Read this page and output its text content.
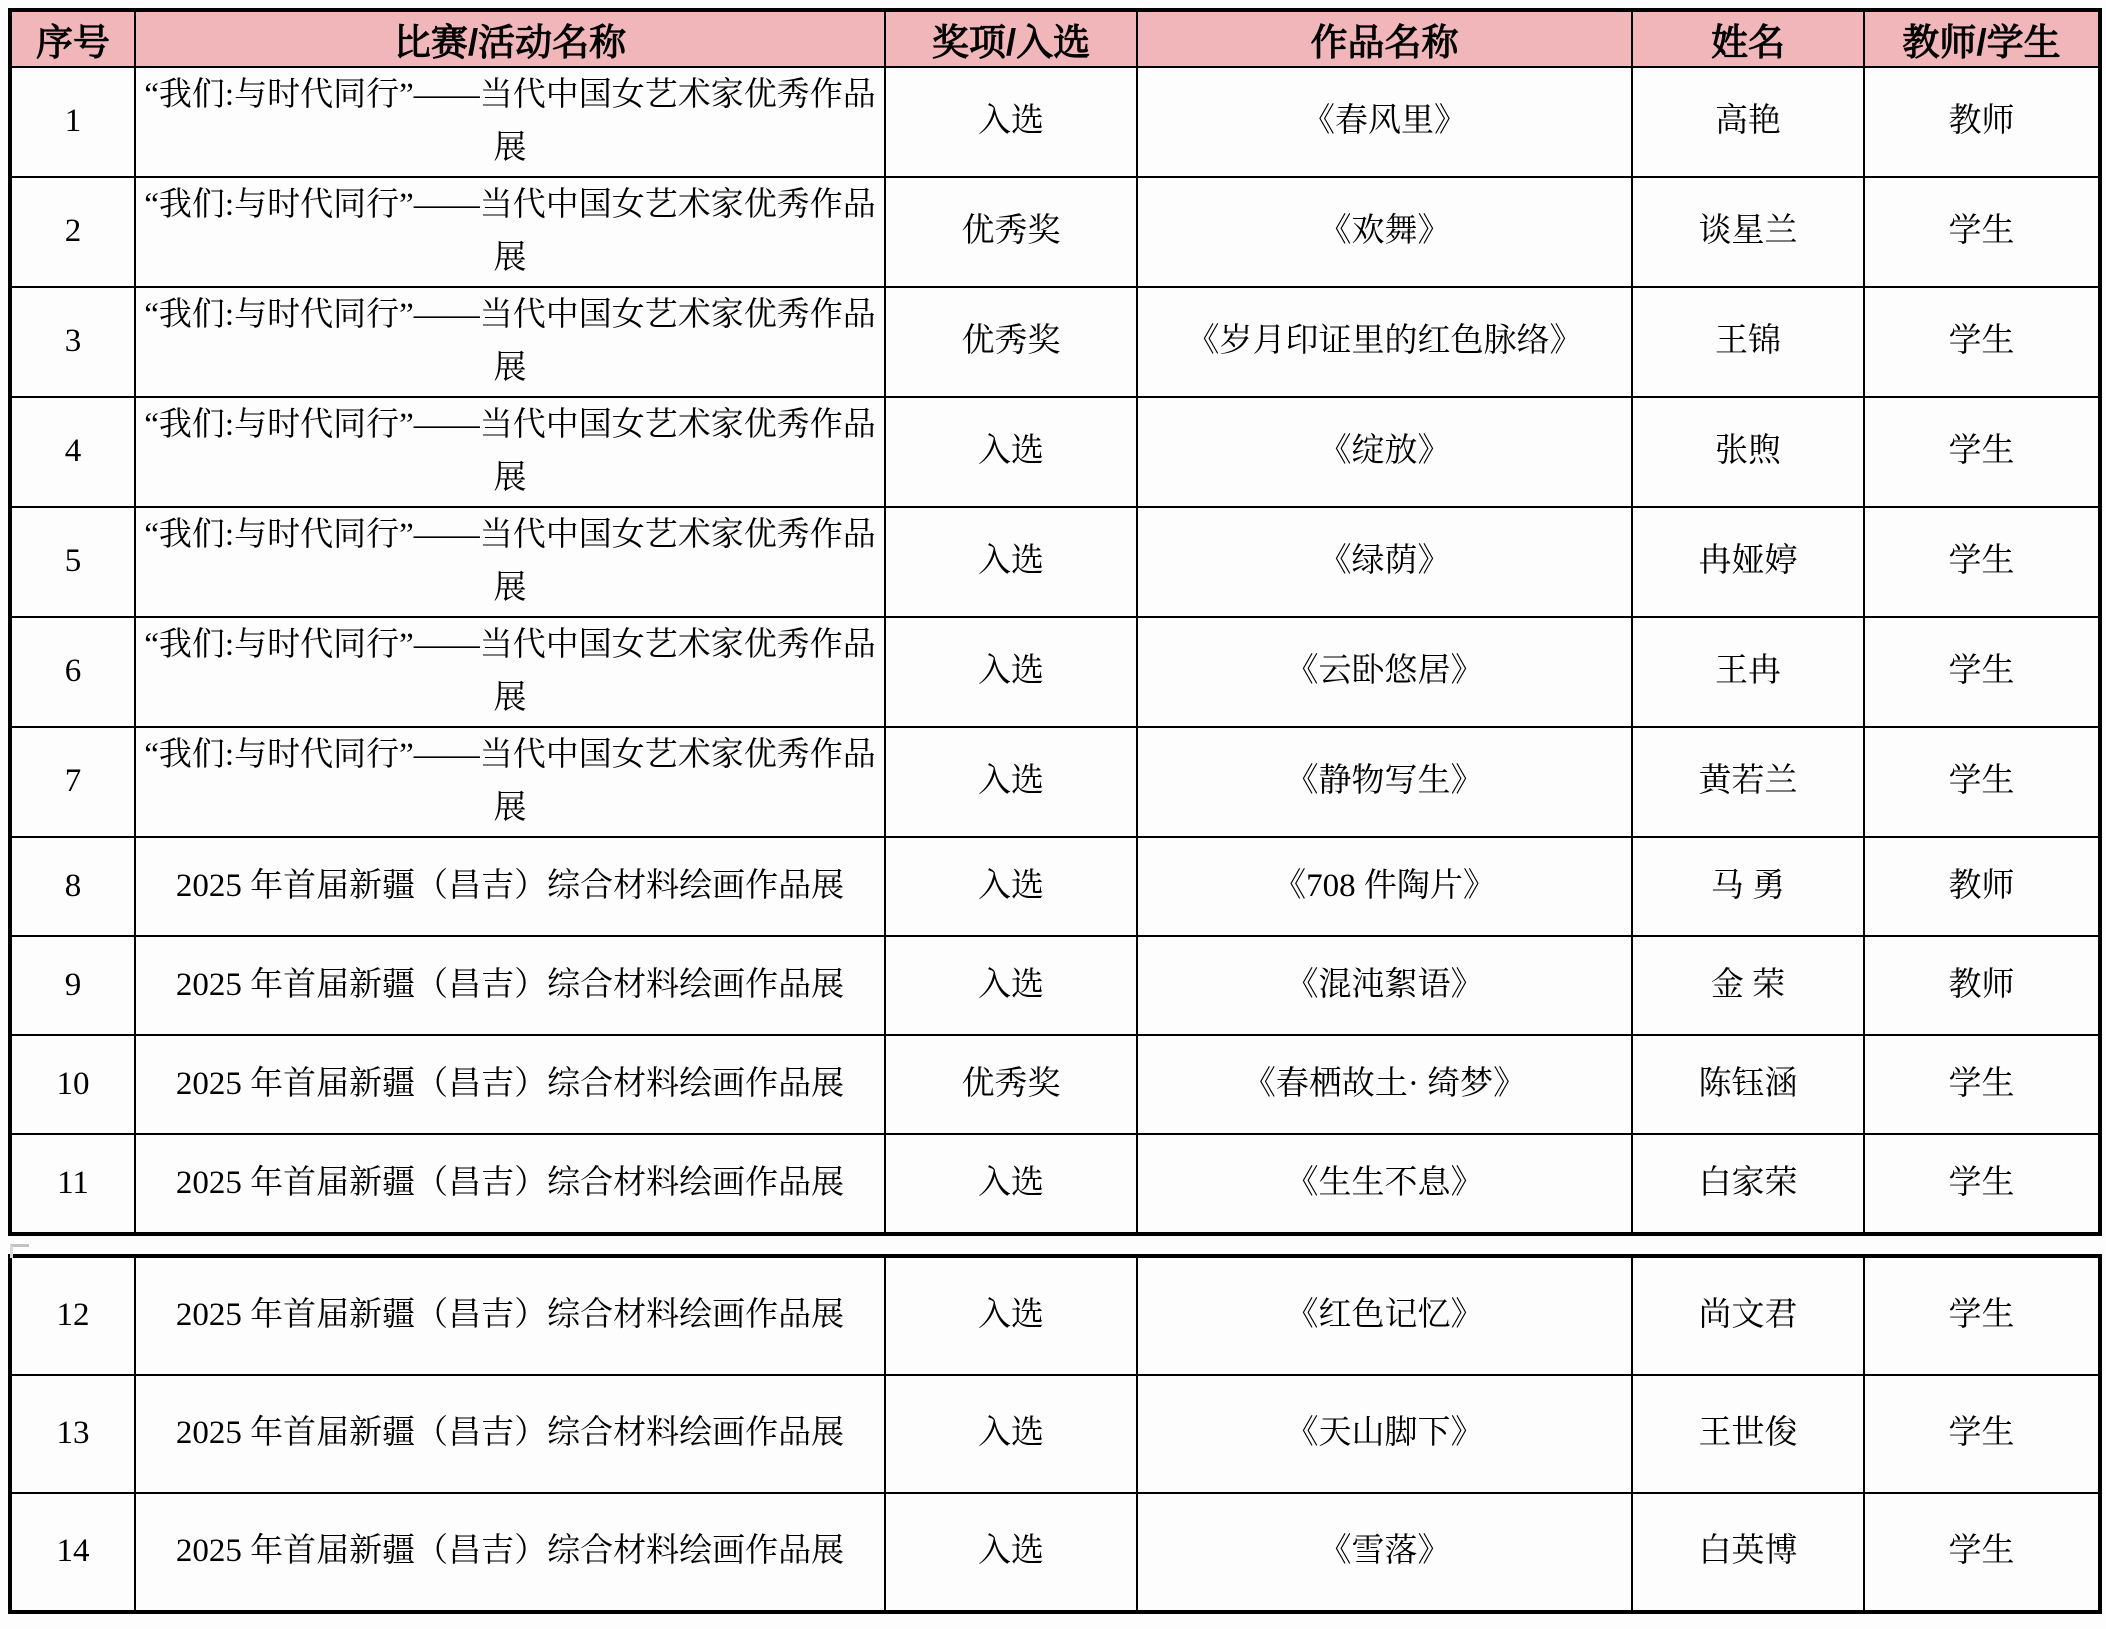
序号	比赛/活动名称	奖项/入选	作品名称	姓名	教师/学生
1	“我们:与时代同行”——当代中国女艺术家优秀作品展	入选	《春风里》	高艳	教师
2	“我们:与时代同行”——当代中国女艺术家优秀作品展	优秀奖	《欢舞》	谈星兰	学生
3	“我们:与时代同行”——当代中国女艺术家优秀作品展	优秀奖	《岁月印证里的红色脉络》	王锦	学生
4	“我们:与时代同行”——当代中国女艺术家优秀作品展	入选	《绽放》	张煦	学生
5	“我们:与时代同行”——当代中国女艺术家优秀作品展	入选	《绿荫》	冉娅婷	学生
6	“我们:与时代同行”——当代中国女艺术家优秀作品展	入选	《云卧悠居》	王冉	学生
7	“我们:与时代同行”——当代中国女艺术家优秀作品展	入选	《静物写生》	黄若兰	学生
8	2025 年首届新疆（昌吉）综合材料绘画作品展	入选	《708 件陶片》	马 勇	教师
9	2025 年首届新疆（昌吉）综合材料绘画作品展	入选	《混沌絮语》	金 荣	教师
10	2025 年首届新疆（昌吉）综合材料绘画作品展	优秀奖	《春栖故土· 绮梦》	陈钰涵	学生
11	2025 年首届新疆（昌吉）综合材料绘画作品展	入选	《生生不息》	白家荣	学生
12	2025 年首届新疆（昌吉）综合材料绘画作品展	入选	《红色记忆》	尚文君	学生
13	2025 年首届新疆（昌吉）综合材料绘画作品展	入选	《天山脚下》	王世俊	学生
14	2025 年首届新疆（昌吉）综合材料绘画作品展	入选	《雪落》	白英博	学生
